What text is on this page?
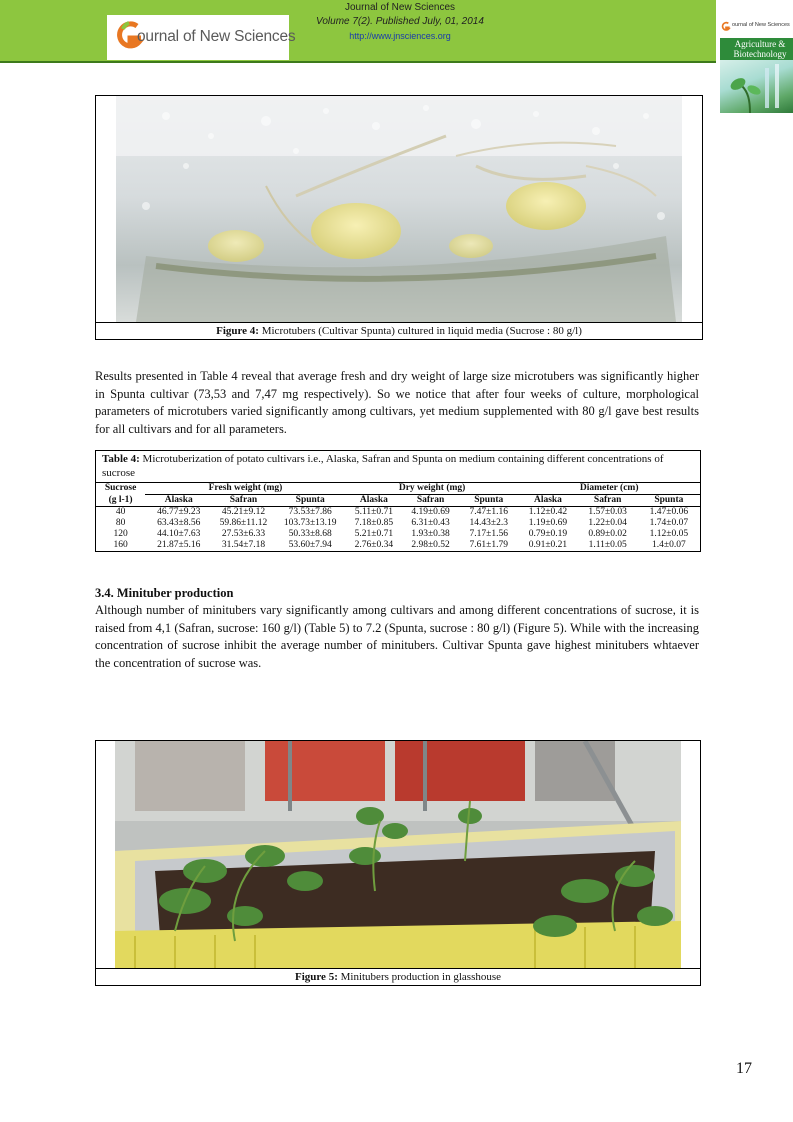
ournal of New Sciences
Journal of New Sciences
Volume 7(2). Published July, 01, 2014
http://www.jnsciences.org
ournal of New Sciences
Agriculture & Biotechnology
Figure 4: Microtubers (Cultivar Spunta) cultured in liquid media (Sucrose : 80 g/l)
Results presented in Table 4 reveal that average fresh and dry weight of large size microtubers was significantly higher in Spunta cultivar (73,53 and 7,47 mg respectively). So we notice that after four weeks of culture, morphological parameters of microtubers varied significantly among cultivars, yet medium supplemented with 80 g/l gave best results for all cultivars and for all parameters.
Table 4: Microtuberization of potato cultivars i.e., Alaska, Safran and Spunta on medium containing different concentrations of sucrose
Sucrose	Fresh weight (mg)			Dry weight (mg)			Diameter (cm)		
(g l-1)	Alaska	Safran	Spunta	Alaska	Safran	Spunta	Alaska	Safran	Spunta
40	46.77±9.23	45.21±9.12	73.53±7.86	5.11±0.71	4.19±0.69	7.47±1.16	1.12±0.42	1.57±0.03	1.47±0.06
80	63.43±8.56	59.86±11.12	103.73±13.19	7.18±0.85	6.31±0.43	14.43±2.3	1.19±0.69	1.22±0.04	1.74±0.07
120	44.10±7.63	27.53±6.33	50.33±8.68	5.21±0.71	1.93±0.38	7.17±1.56	0.79±0.19	0.89±0.02	1.12±0.05
160	21.87±5.16	31.54±7.18	53.60±7.94	2.76±0.34	2.98±0.52	7.61±1.79	0.91±0.21	1.11±0.05	1.4±0.07
3.4. Minituber production
Although number of minitubers vary significantly among cultivars and among different concentrations of sucrose, it is raised from 4,1 (Safran, sucrose: 160 g/l) (Table 5) to 7.2 (Spunta, sucrose : 80 g/l) (Figure 5). While with the increasing concentration of sucrose inhibit the average number of minitubers. Cultivar Spunta gave highest minitubers whtaever the concentration of sucrose was.
Figure 5: Minitubers production in glasshouse
17
